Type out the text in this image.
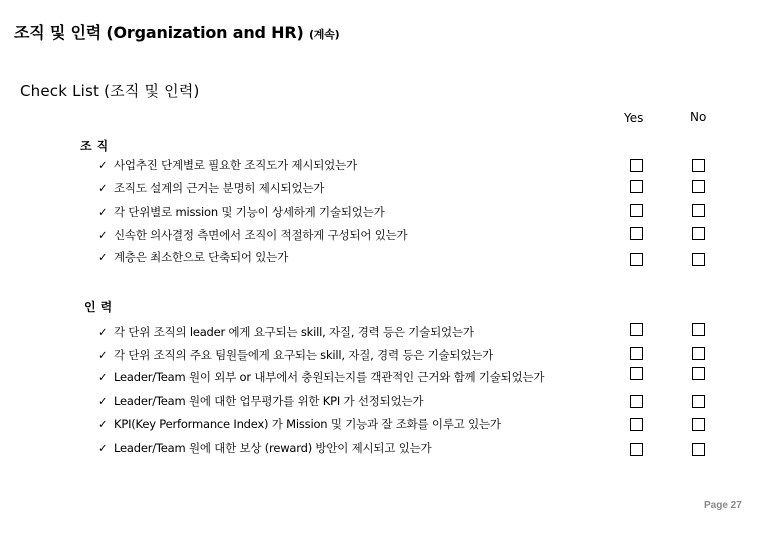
조직 및 인력 (Organization and HR) (계속)
Check List (조직 및 인력)
Yes	No
조직
✓ 사업추진 단계별로 필요한 조직도가 제시되었는가
✓ 조직도 설계의 근거는 분명히 제시되었는가
✓ 각 단위별로 mission 및 기능이 상세하게 기술되었는가
✓ 신속한 의사결정 측면에서 조직이 적절하게 구성되어 있는가
✓ 계층은 최소한으로 단축되어 있는가
인력
✓ 각 단위 조직의 leader 에게 요구되는 skill, 자질, 경력 등은 기술되었는가
✓ 각 단위 조직의 주요 팀원들에게 요구되는 skill, 자질, 경력 등은 기술되었는가
✓ Leader/Team 원이 외부 or 내부에서 충원되는지를 객관적인 근거와 함께 기술되었는가
✓ Leader/Team 원에 대한 업무평가를 위한 KPI 가 선정되었는가
✓ KPI(Key Performance Index) 가 Mission 및 기능과 잘 조화를 이루고 있는가
✓ Leader/Team 원에 대한 보상 (reward) 방안이 제시되고 있는가
Page 27
